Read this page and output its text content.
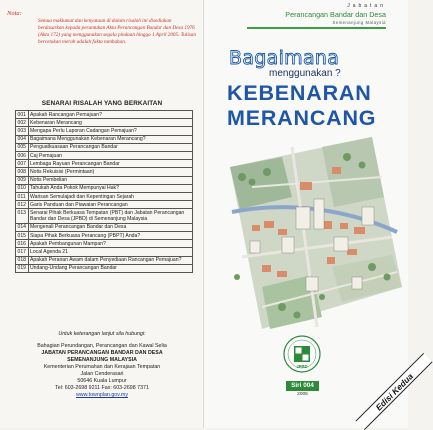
Nota:
Semua maklumat dan kenyataan di dalam risalah ini disediakan berdasarkan kepada peruntukan Akta Perancangan Bandar dan Desa 1976 (Akta 172) yang menggunakan segala pindaan hingga 1 April 2005. Tulisan bercetakan merah adalah fakta tambahan.
SENARAI RISALAH YANG BERKAITAN
001	Apakah Rancangan Pemajuan?
002	Kebenaran Merancang
003	Mengapa Perlu Laporan Cadangan Pemajuan?
004	Bagaimana Menggunakan Kebenaran Merancang?
005	Penguatkuasaan Perancangan Bandar
006	Caj Pemajuan
007	Lembaga Rayuan Perancangan Bandar
008	Notis Rekuisisi (Permintaan)
009	Notis Pembelian
010	Tahukah Anda Pokok Mempunyai Hak?
011	Warisan Semulajadi dan Kepentingan Sejarah
012	Garis Panduan dan Piawaian Perancangan
013	Senarai Pihak Berkuasa Tempatan (PBT) dan Jabatan Perancangan Bandar dan Desa (JPBD) di Semenanjung Malaysia
014	Mengenali Perancangan Bandar dan Desa
015	Siapa Pihak Berkuasa Perancang (PBPT) Anda?
016	Apakah Pembangunan Mampan?
017	Local Agenda 21
018	Apakah Peranan Awam dalam Penyediaan Rancangan Pemajuan?
019	Undang-Undang Perancangan Bandar
Untuk keterangan lanjut sila hubungi:
Bahagian Perundangan, Perancangan dan Kawal Selia
JABATAN PERANCANGAN BANDAR DAN DESA
SEMENANJUNG MALAYSIA
Kementerian Perumahan dan Kerajaan Tempatan
Jalan Cenderasari
50646 Kuala Lumpur
Tel: 603-2698 9211 Fax: 603-2698 7371
www.townplan.gov.my
Jabatan
Perancangan Bandar dan Desa
Semenanjung Malaysia
Bagaimana
menggunakan ?
KEBENARAN
MERANCANG
JPBD
Siri 004
2005	Edisi Kedua
